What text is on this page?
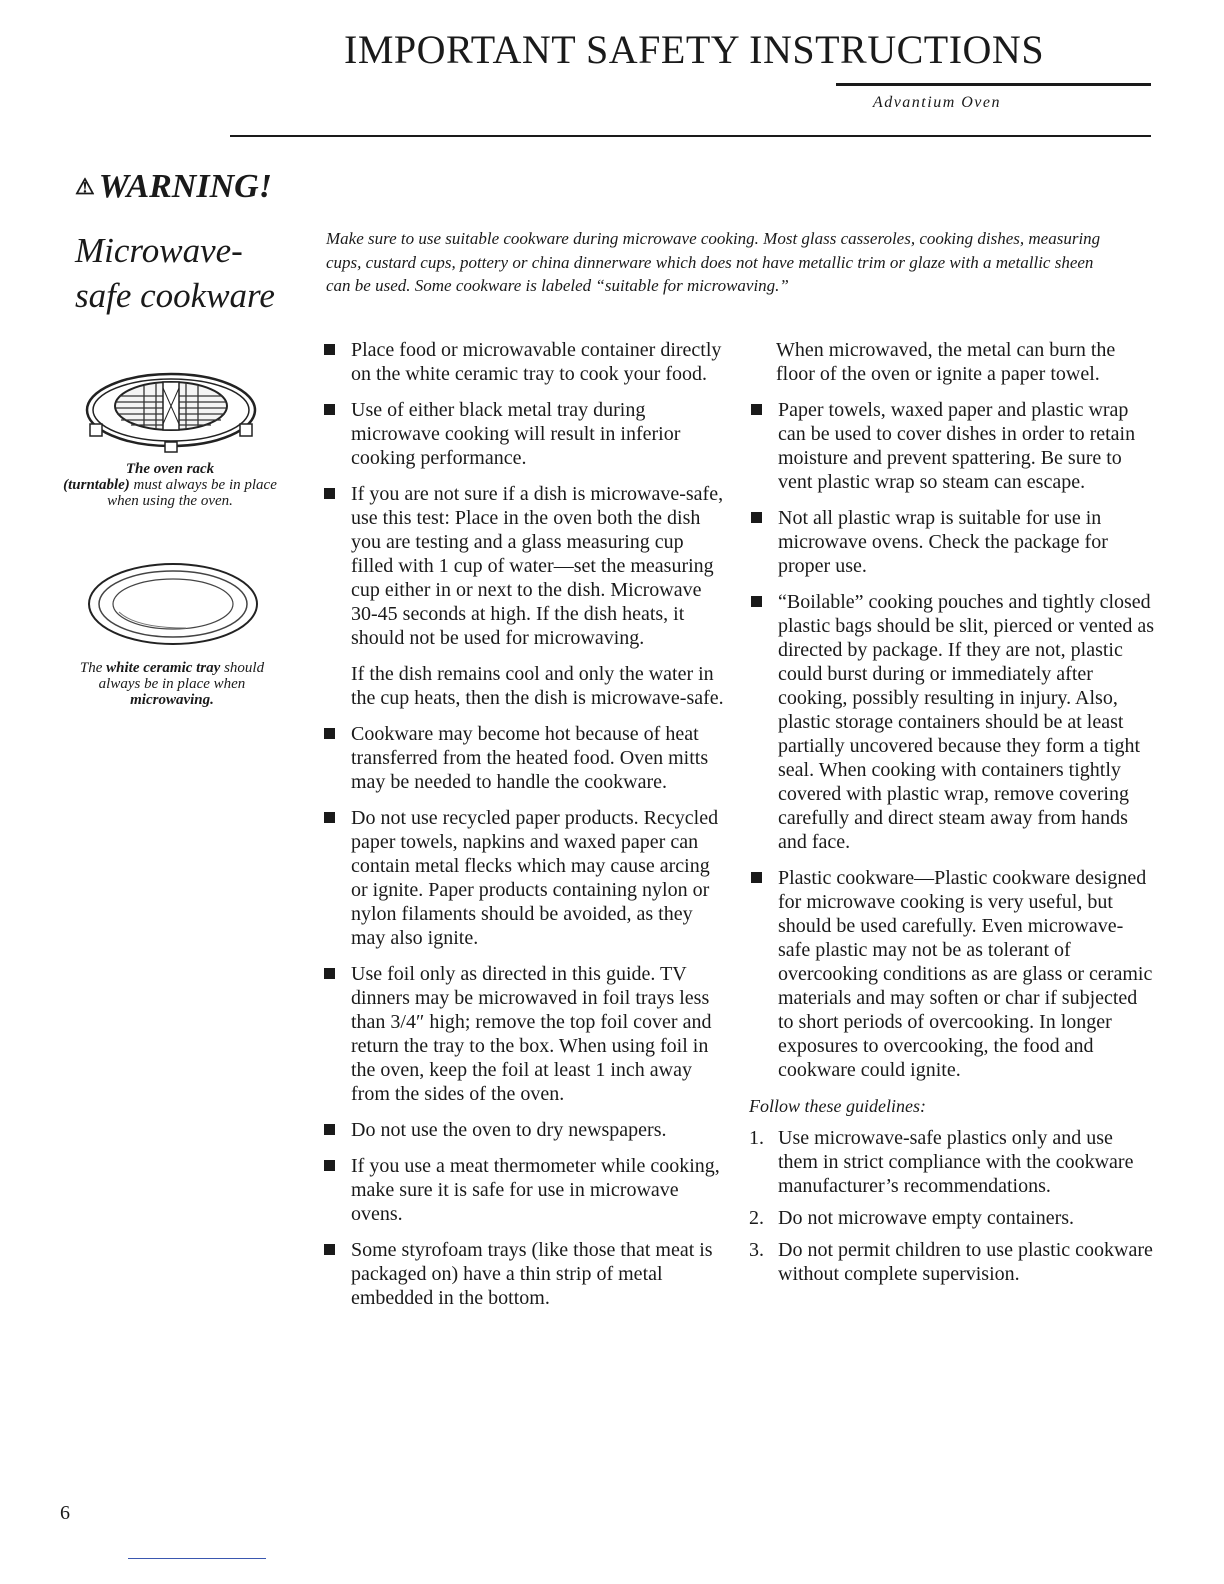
IMPORTANT SAFETY INSTRUCTIONS
Advantium Oven
⚠ WARNING!
Microwave-safe cookware
The oven rack
(turntable) must always be in place when using the oven.
The white ceramic tray should always be in place when microwaving.
Make sure to use suitable cookware during microwave cooking. Most glass casseroles, cooking dishes, measuring cups, custard cups, pottery or china dinnerware which does not have metallic trim or glaze with a metallic sheen can be used. Some cookware is labeled “suitable for microwaving.”
Place food or microwavable container directly on the white ceramic tray to cook your food.
Use of either black metal tray during microwave cooking will result in inferior cooking performance.
If you are not sure if a dish is microwave-safe, use this test: Place in the oven both the dish you are testing and a glass measuring cup filled with 1 cup of water—set the measuring cup either in or next to the dish. Microwave 30-45 seconds at high. If the dish heats, it should not be used for microwaving.
If the dish remains cool and only the water in the cup heats, then the dish is microwave-safe.
Cookware may become hot because of heat transferred from the heated food. Oven mitts may be needed to handle the cookware.
Do not use recycled paper products. Recycled paper towels, napkins and waxed paper can contain metal flecks which may cause arcing or ignite. Paper products containing nylon or nylon filaments should be avoided, as they may also ignite.
Use foil only as directed in this guide. TV dinners may be microwaved in foil trays less than 3/4″ high; remove the top foil cover and return the tray to the box. When using foil in the oven, keep the foil at least 1 inch away from the sides of the oven.
Do not use the oven to dry newspapers.
If you use a meat thermometer while cooking, make sure it is safe for use in microwave ovens.
Some styrofoam trays (like those that meat is packaged on) have a thin strip of metal embedded in the bottom.
When microwaved, the metal can burn the floor of the oven or ignite a paper towel.
Paper towels, waxed paper and plastic wrap can be used to cover dishes in order to retain moisture and prevent spattering. Be sure to vent plastic wrap so steam can escape.
Not all plastic wrap is suitable for use in microwave ovens. Check the package for proper use.
“Boilable” cooking pouches and tightly closed plastic bags should be slit, pierced or vented as directed by package. If they are not, plastic could burst during or immediately after cooking, possibly resulting in injury. Also, plastic storage containers should be at least partially uncovered because they form a tight seal. When cooking with containers tightly covered with plastic wrap, remove covering carefully and direct steam away from hands and face.
Plastic cookware—Plastic cookware designed for microwave cooking is very useful, but should be used carefully. Even microwave-safe plastic may not be as tolerant of overcooking conditions as are glass or ceramic materials and may soften or char if subjected to short periods of overcooking. In longer exposures to overcooking, the food and cookware could ignite.
Follow these guidelines:
1. Use microwave-safe plastics only and use them in strict compliance with the cookware manufacturer’s recommendations.
2. Do not microwave empty containers.
3. Do not permit children to use plastic cookware without complete supervision.
6
